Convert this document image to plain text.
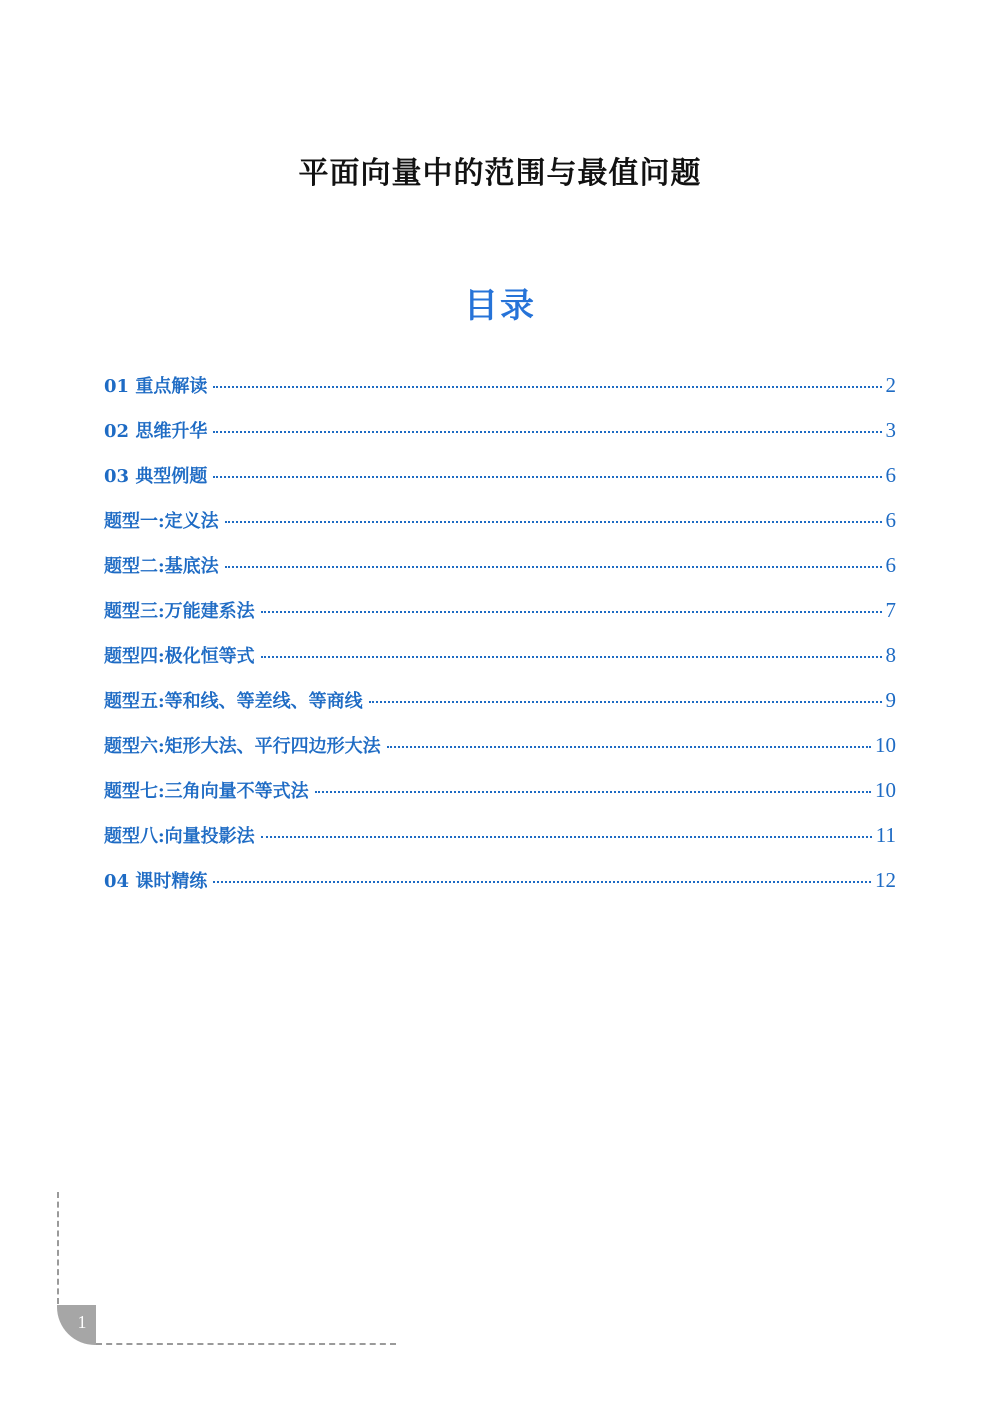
平面向量中的范围与最值问题
目录
01 重点解读	2
02 思维升华	3
03 典型例题	6
题型一:定义法	6
题型二:基底法	6
题型三:万能建系法	7
题型四:极化恒等式	8
题型五:等和线、等差线、等商线	9
题型六:矩形大法、平行四边形大法	10
题型七:三角向量不等式法	10
题型八:向量投影法	11
04 课时精练	12
1
